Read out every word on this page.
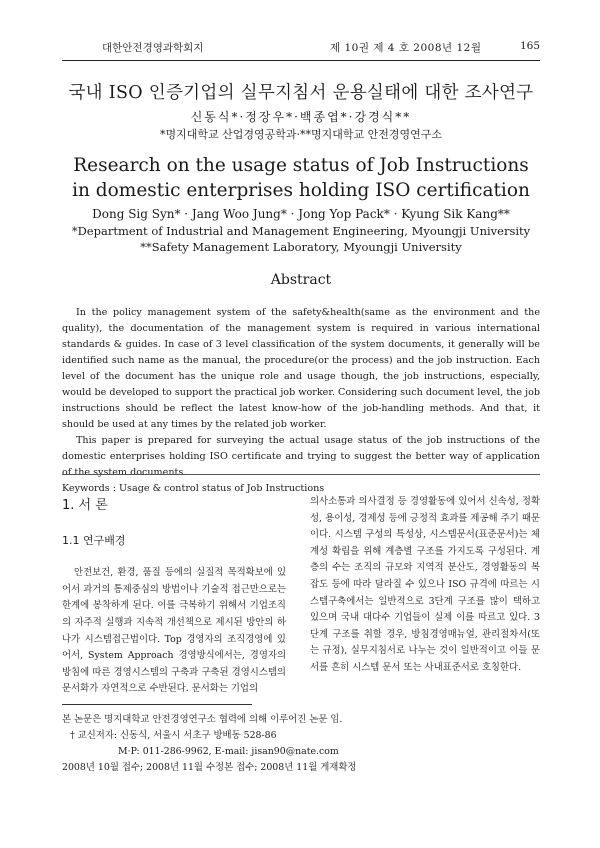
대한안전경영과학회지	제 10권 제 4 호 2008년 12월	165
국내 ISO 인증기업의 실무지침서 운용실태에 대한 조사연구
신동식*·정장우*·백종엽*·강경식**
*명지대학교 산업경영공학과·**명지대학교 안전경영연구소
Research on the usage status of Job Instructions
in domestic enterprises holding ISO certification
Dong Sig Syn* · Jang Woo Jung* · Jong Yop Pack* · Kyung Sik Kang**
*Department of Industrial and Management Engineering, Myoungji University
**Safety Management Laboratory, Myoungji University
Abstract

In the policy management system of the safety&health(same as the environment and the quality), the documentation of the management system is required in various international standards & guides. In case of 3 level classification of the system documents, it generally will be identified such name as the manual, the procedure(or the process) and the job instruction. Each level of the document has the unique role and usage though, the job instructions, especially, would be developed to support the practical job worker. Considering such document level, the job instructions should be reflect the latest know-how of the job-handling methods. And that, it should be used at any times by the related job worker.

This paper is prepared for surveying the actual usage status of the job instructions of the domestic enterprises holding ISO certificate and trying to suggest the better way of application of the system documents.

Keywords : Usage & control status of Job Instructions

1. 서 론
1.1 연구배경

안전보건, 환경, 품질 등에의 실질적 목적확보에 있어서 과거의 통제중심의 방법이나 기술적 접근만으로는 한계에 봉착하게 된다. 이를 극복하기 위해서 기업조직의 자주적 실행과 지속적 개선책으로 제시된 방안의 하나가 시스템접근법이다. Top 경영자의 조직경영에 있어서, System Approach 경영방식에서는, 경영자의 방침에 따른 경영시스템의 구축과 구축된 경영시스템의 문서화가 자연적으로 수반된다. 문서화는 기업의

의사소통과 의사결정 등 경영활동에 있어서 신속성, 정확성, 용이성, 경제성 등에 긍정적 효과를 제공해 주기 때문이다. 시스템 구성의 특성상, 시스템문서(표준문서)는 체계성 확립을 위해 계층별 구조를 가지도록 구성된다. 계층의 수는 조직의 규모와 지역적 분산도, 경영활동의 복잡도 등에 따라 달라질 수 있으나 ISO 규격에 따르는 시스템구축에서는 일반적으로 3단계 구조를 많이 택하고 있으며 국내 대다수 기업들이 실제 이를 따르고 있다. 3단계 구조를 취할 경우, 방침경영매뉴얼, 관리절차서(또는 규정), 실무지침서로 나누는 것이 일반적이고 이들 문서를 흔히 시스템 문서 또는 사내표준서로 호칭한다.

본 논문은 명지대학교 안전경영연구소 협력에 의해 이루어진 논문 임.
† 교신저자: 신동식, 서울시 서초구 방배동 528-86
M·P: 011-286-9962, E-mail: jisan90@nate.com
2008년 10월 접수; 2008년 11월 수정본 접수; 2008년 11월 게재확정
